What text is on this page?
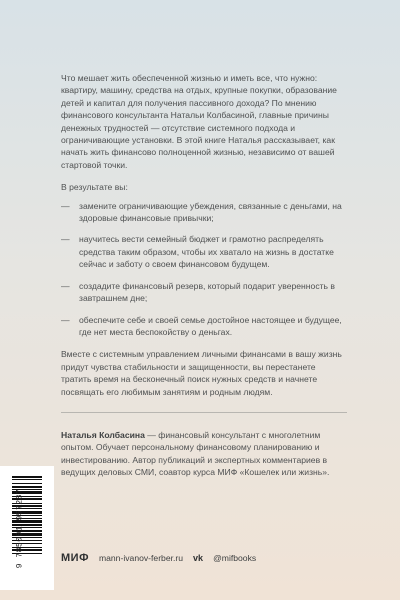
Что мешает жить обеспеченной жизнью и иметь все, что нужно: квартиру, машину, средства на отдых, крупные покупки, образование детей и капитал для получения пассивного дохода? По мнению финансового консультанта Натальи Колбасиной, главные причины денежных трудностей — отсутствие системного подхода и ограничивающие установки. В этой книге Наталья рассказывает, как начать жить финансово полноценной жизнью, независимо от вашей стартовой точки.

В результате вы:

— замените ограничивающие убеждения, связанные с деньгами, на здоровые финансовые привычки;
— научитесь вести семейный бюджет и грамотно распределять средства таким образом, чтобы их хватало на жизнь в достатке сейчас и заботу о своем финансовом будущем.
— создадите финансовый резерв, который подарит уверенность в завтрашнем дне;
— обеспечите себе и своей семье достойное настоящее и будущее, где нет места беспокойству о деньгах.

Вместе с системным управлением личными финансами в вашу жизнь придут чувства стабильности и защищенности, вы перестанете тратить время на бесконечный поиск нужных средств и начнете посвящать его любимым занятиям и родным людям.

Наталья Колбасина — финансовый консультант с многолетним опытом. Обучает персональному финансовому планированию и инвестированию. Автор публикаций и экспертных комментариев в ведущих деловых СМИ, соавтор курса МИФ «Кошелек или жизнь».

9 785001 957287	МИФ mann-ivanov-ferber.ru vk @mifbooks
